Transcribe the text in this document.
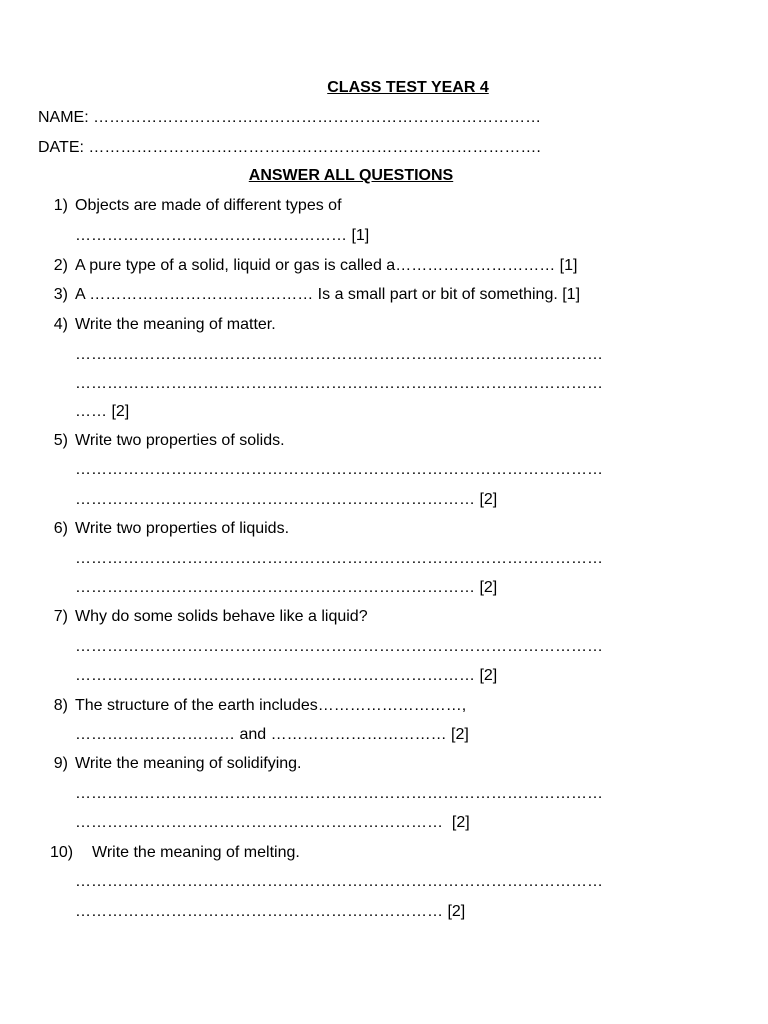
CLASS TEST YEAR 4
NAME: …………………………………………………………………………
DATE: ………………………………………………………………………….
ANSWER ALL QUESTIONS
1) Objects are made of different types of
…………………………………………… [1]
2) A pure type of a solid, liquid or gas is called a………………………… [1]
3) A …………………………………… Is a small part or bit of something. [1]
4) Write the meaning of matter.
………………………………………………………………………………………
………………………………………………………………………………………
…… [2]
5) Write two properties of solids.
………………………………………………………………………………………
………………………………………………………………… [2]
6) Write two properties of liquids.
………………………………………………………………………………………
………………………………………………………………… [2]
7) Why do some solids behave like a liquid?
………………………………………………………………………………………
………………………………………………………………… [2]
8) The structure of the earth includes………………………,
………………………… and …………………………… [2]
9) Write the meaning of solidifying.
………………………………………………………………………………………
……………………………………………………………  [2]
10)	Write the meaning of melting.
………………………………………………………………………………………
…………………………………………………………… [2]
